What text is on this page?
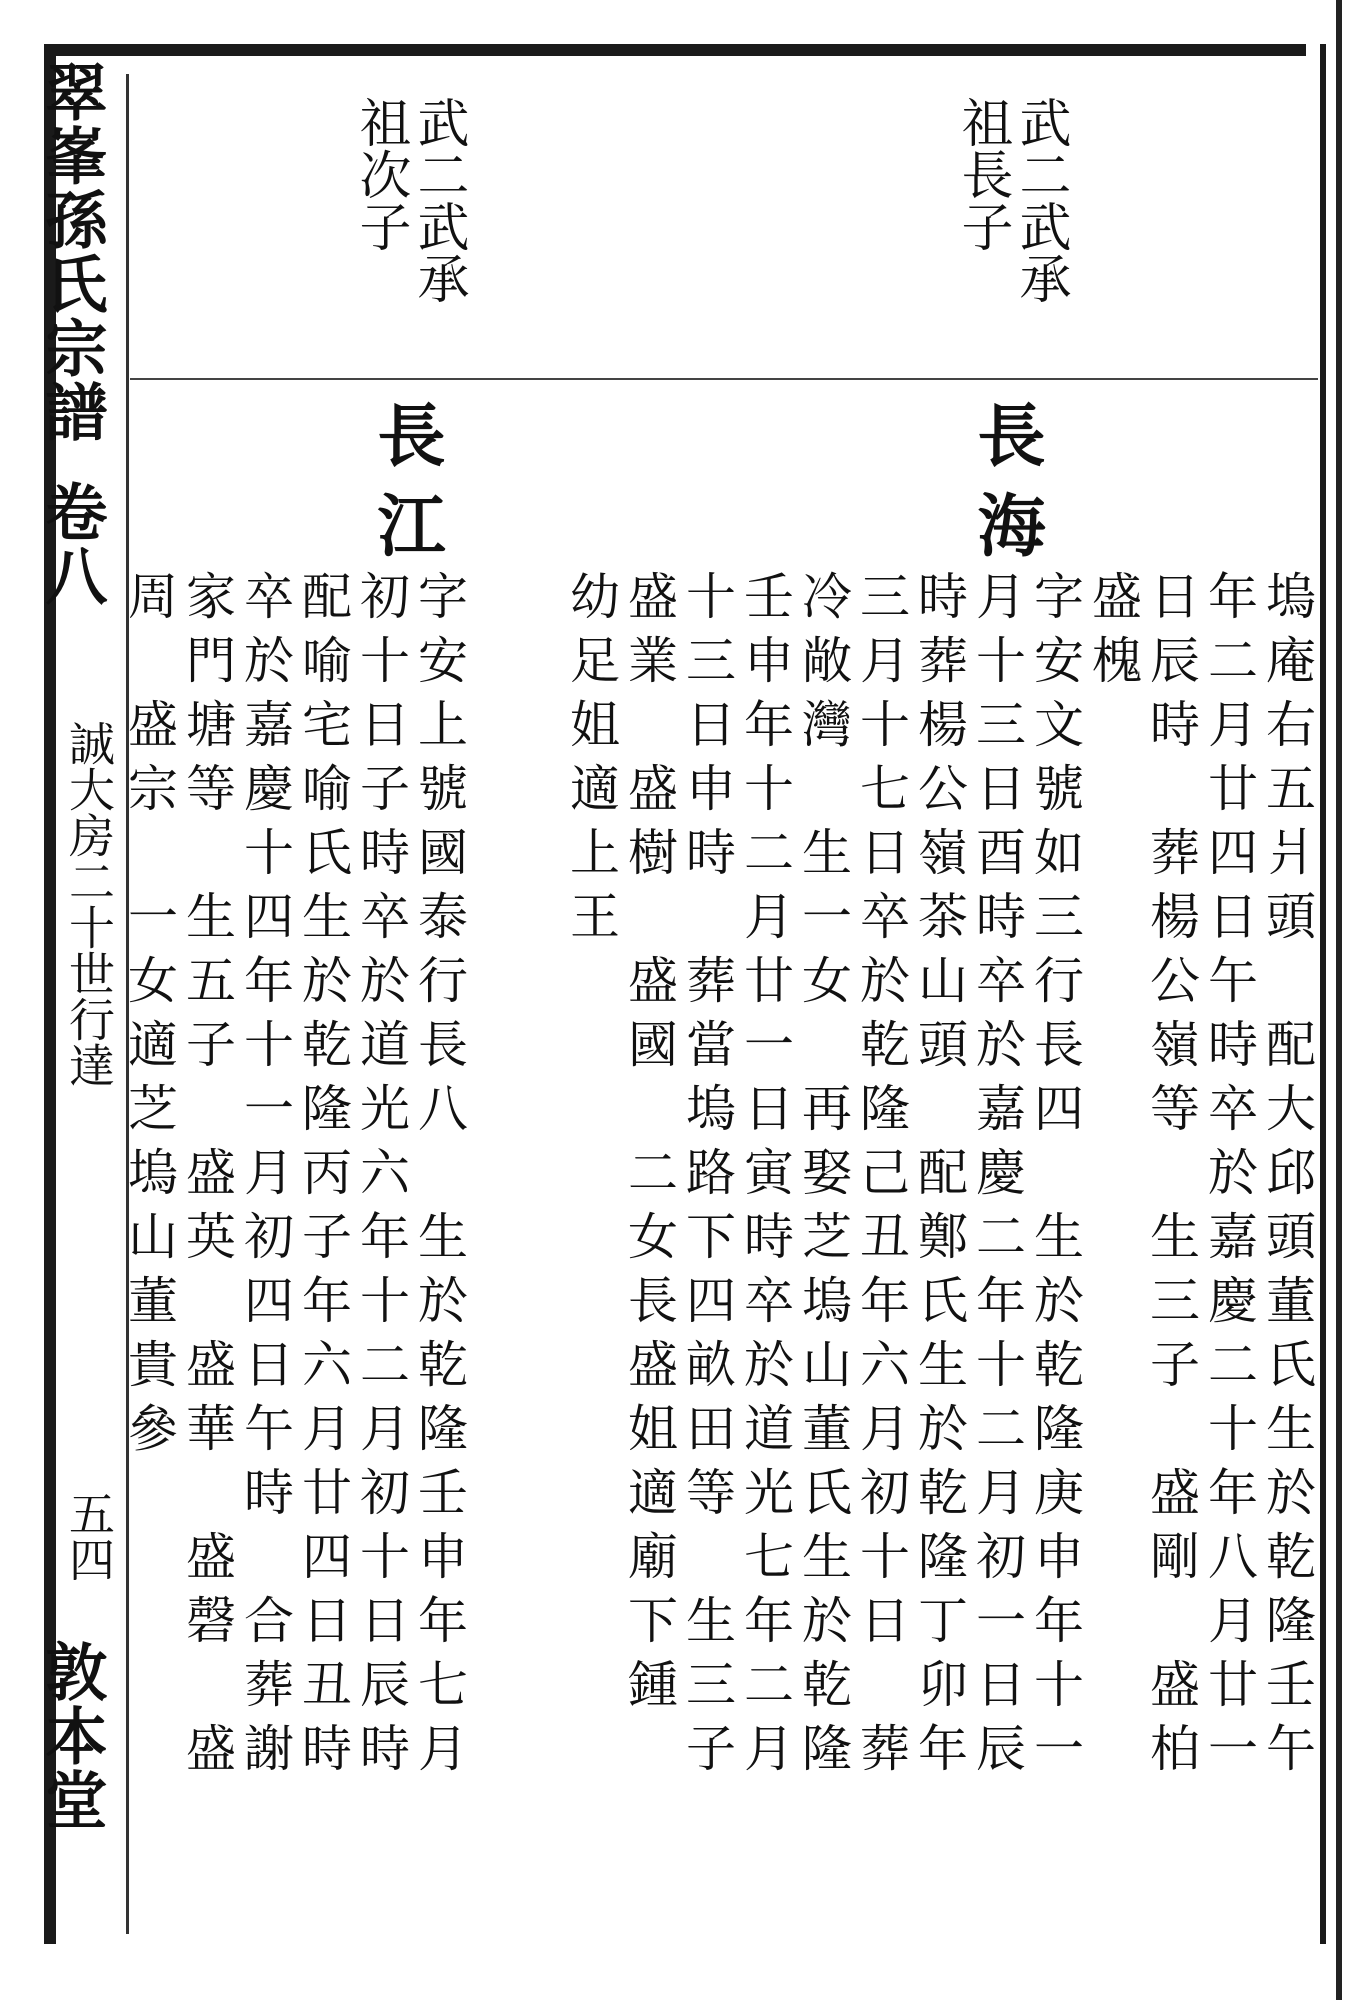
翠峯孫氏宗譜
卷八
誠大房二十世行達
五四
敦本堂
武二武承
祖長子
長海
塢庵右五爿頭　配大邱頭董氏生於乾隆壬午
年二月廿四日午時卒於嘉慶二十年八月廿一
日辰時　葬楊公嶺等　生三子　盛剛　盛柏
盛槐
字安文號如三行長四　生於乾隆庚申年十一
月十三日酉時卒於嘉慶二年十二月初一日辰
時葬楊公嶺茶山頭　配鄭氏生於乾隆丁卯年
三月十七日卒於乾隆己丑年六月初十日　葬
冷敞灣　生一女　再娶芝塢山董氏生於乾隆
壬申年十二月廿一日寅時卒於道光七年二月
十三日申時　葬當塢路下四畝田等　生三子
盛業　盛樹　盛國　二女長盛姐適廟下鍾
幼足姐適上王
武二武承
祖次子
長江
字安上號國泰行長八　生於乾隆壬申年七月
初十日子時卒於道光六年十二月初十日辰時
配喻宅喻氏生於乾隆丙子年六月廿四日丑時
卒於嘉慶十四年十一月初四日午時　合葬謝
家門塘等　生五子　盛英　盛華　盛磬　盛
周　盛宗　一女適芝塢山董貴參
